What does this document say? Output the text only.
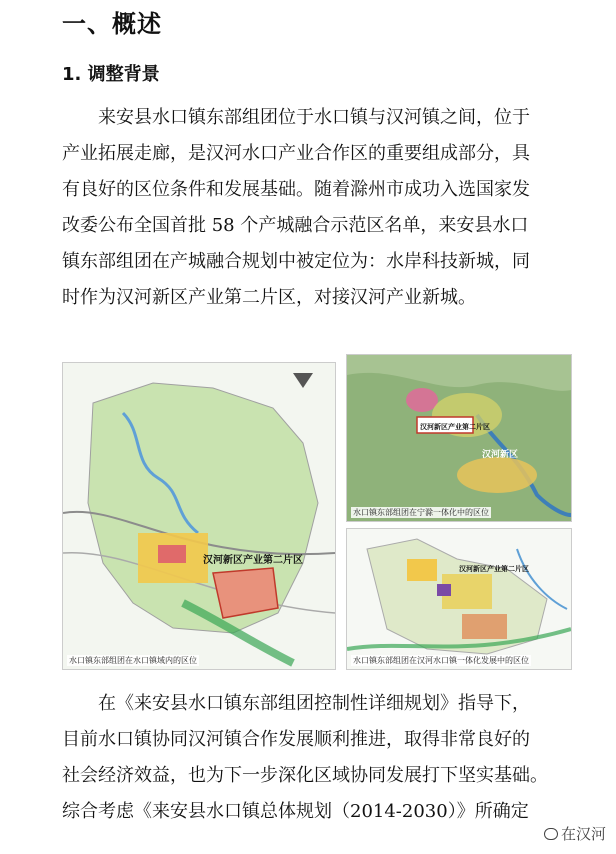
一、概述
1. 调整背景

来安县水口镇东部组团位于水口镇与汉河镇之间，位于
产业拓展走廊，是汉河水口产业合作区的重要组成部分，具
有良好的区位条件和发展基础。随着滁州市成功入选国家发
改委公布全国首批 58 个产城融合示范区名单，来安县水口
镇东部组团在产城融合规划中被定位为：水岸科技新城，同
时作为汉河新区产业第二片区，对接汉河产业新城。

汉河新区产业第二片区
水口镇东部组团在水口镇域内的区位
汉河新区产业第二片区
汉河新区
水口镇东部组团在宁滁一体化中的区位
汉河新区产业第二片区
水口镇东部组团在汉河水口镇一体化发展中的区位

在《来安县水口镇东部组团控制性详细规划》指导下，
目前水口镇协同汉河镇合作发展顺利推进，取得非常良好的
社会经济效益，也为下一步深化区域协同发展打下坚实基础。
综合考虑《来安县水口镇总体规划（2014-2030）》所确定

在汉河
